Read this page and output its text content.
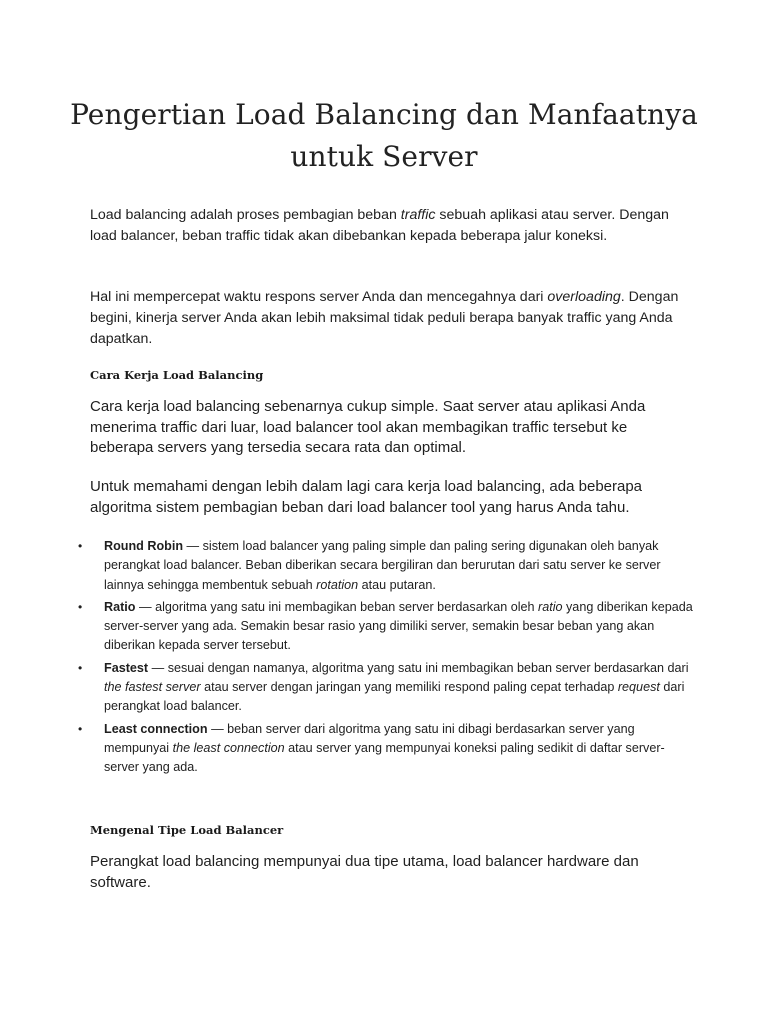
Pengertian Load Balancing dan Manfaatnya untuk Server

Load balancing adalah proses pembagian beban traffic sebuah aplikasi atau server. Dengan load balancer, beban traffic tidak akan dibebankan kepada beberapa jalur koneksi.

Hal ini mempercepat waktu respons server Anda dan mencegahnya dari overloading. Dengan begini, kinerja server Anda akan lebih maksimal tidak peduli berapa banyak traffic yang Anda dapatkan.

Cara Kerja Load Balancing

Cara kerja load balancing sebenarnya cukup simple. Saat server atau aplikasi Anda menerima traffic dari luar, load balancer tool akan membagikan traffic tersebut ke beberapa servers yang tersedia secara rata dan optimal.

Untuk memahami dengan lebih dalam lagi cara kerja load balancing, ada beberapa algoritma sistem pembagian beban dari load balancer tool yang harus Anda tahu.

• Round Robin — sistem load balancer yang paling simple dan paling sering digunakan oleh banyak perangkat load balancer. Beban diberikan secara bergiliran dan berurutan dari satu server ke server lainnya sehingga membentuk sebuah rotation atau putaran.
• Ratio — algoritma yang satu ini membagikan beban server berdasarkan oleh ratio yang diberikan kepada server-server yang ada. Semakin besar rasio yang dimiliki server, semakin besar beban yang akan diberikan kepada server tersebut.
• Fastest — sesuai dengan namanya, algoritma yang satu ini membagikan beban server berdasarkan dari the fastest server atau server dengan jaringan yang memiliki respond paling cepat terhadap request dari perangkat load balancer.
• Least connection — beban server dari algoritma yang satu ini dibagi berdasarkan server yang mempunyai the least connection atau server yang mempunyai koneksi paling sedikit di daftar server-server yang ada.
Mengenal Tipe Load Balancer

Perangkat load balancing mempunyai dua tipe utama, load balancer hardware dan software.
